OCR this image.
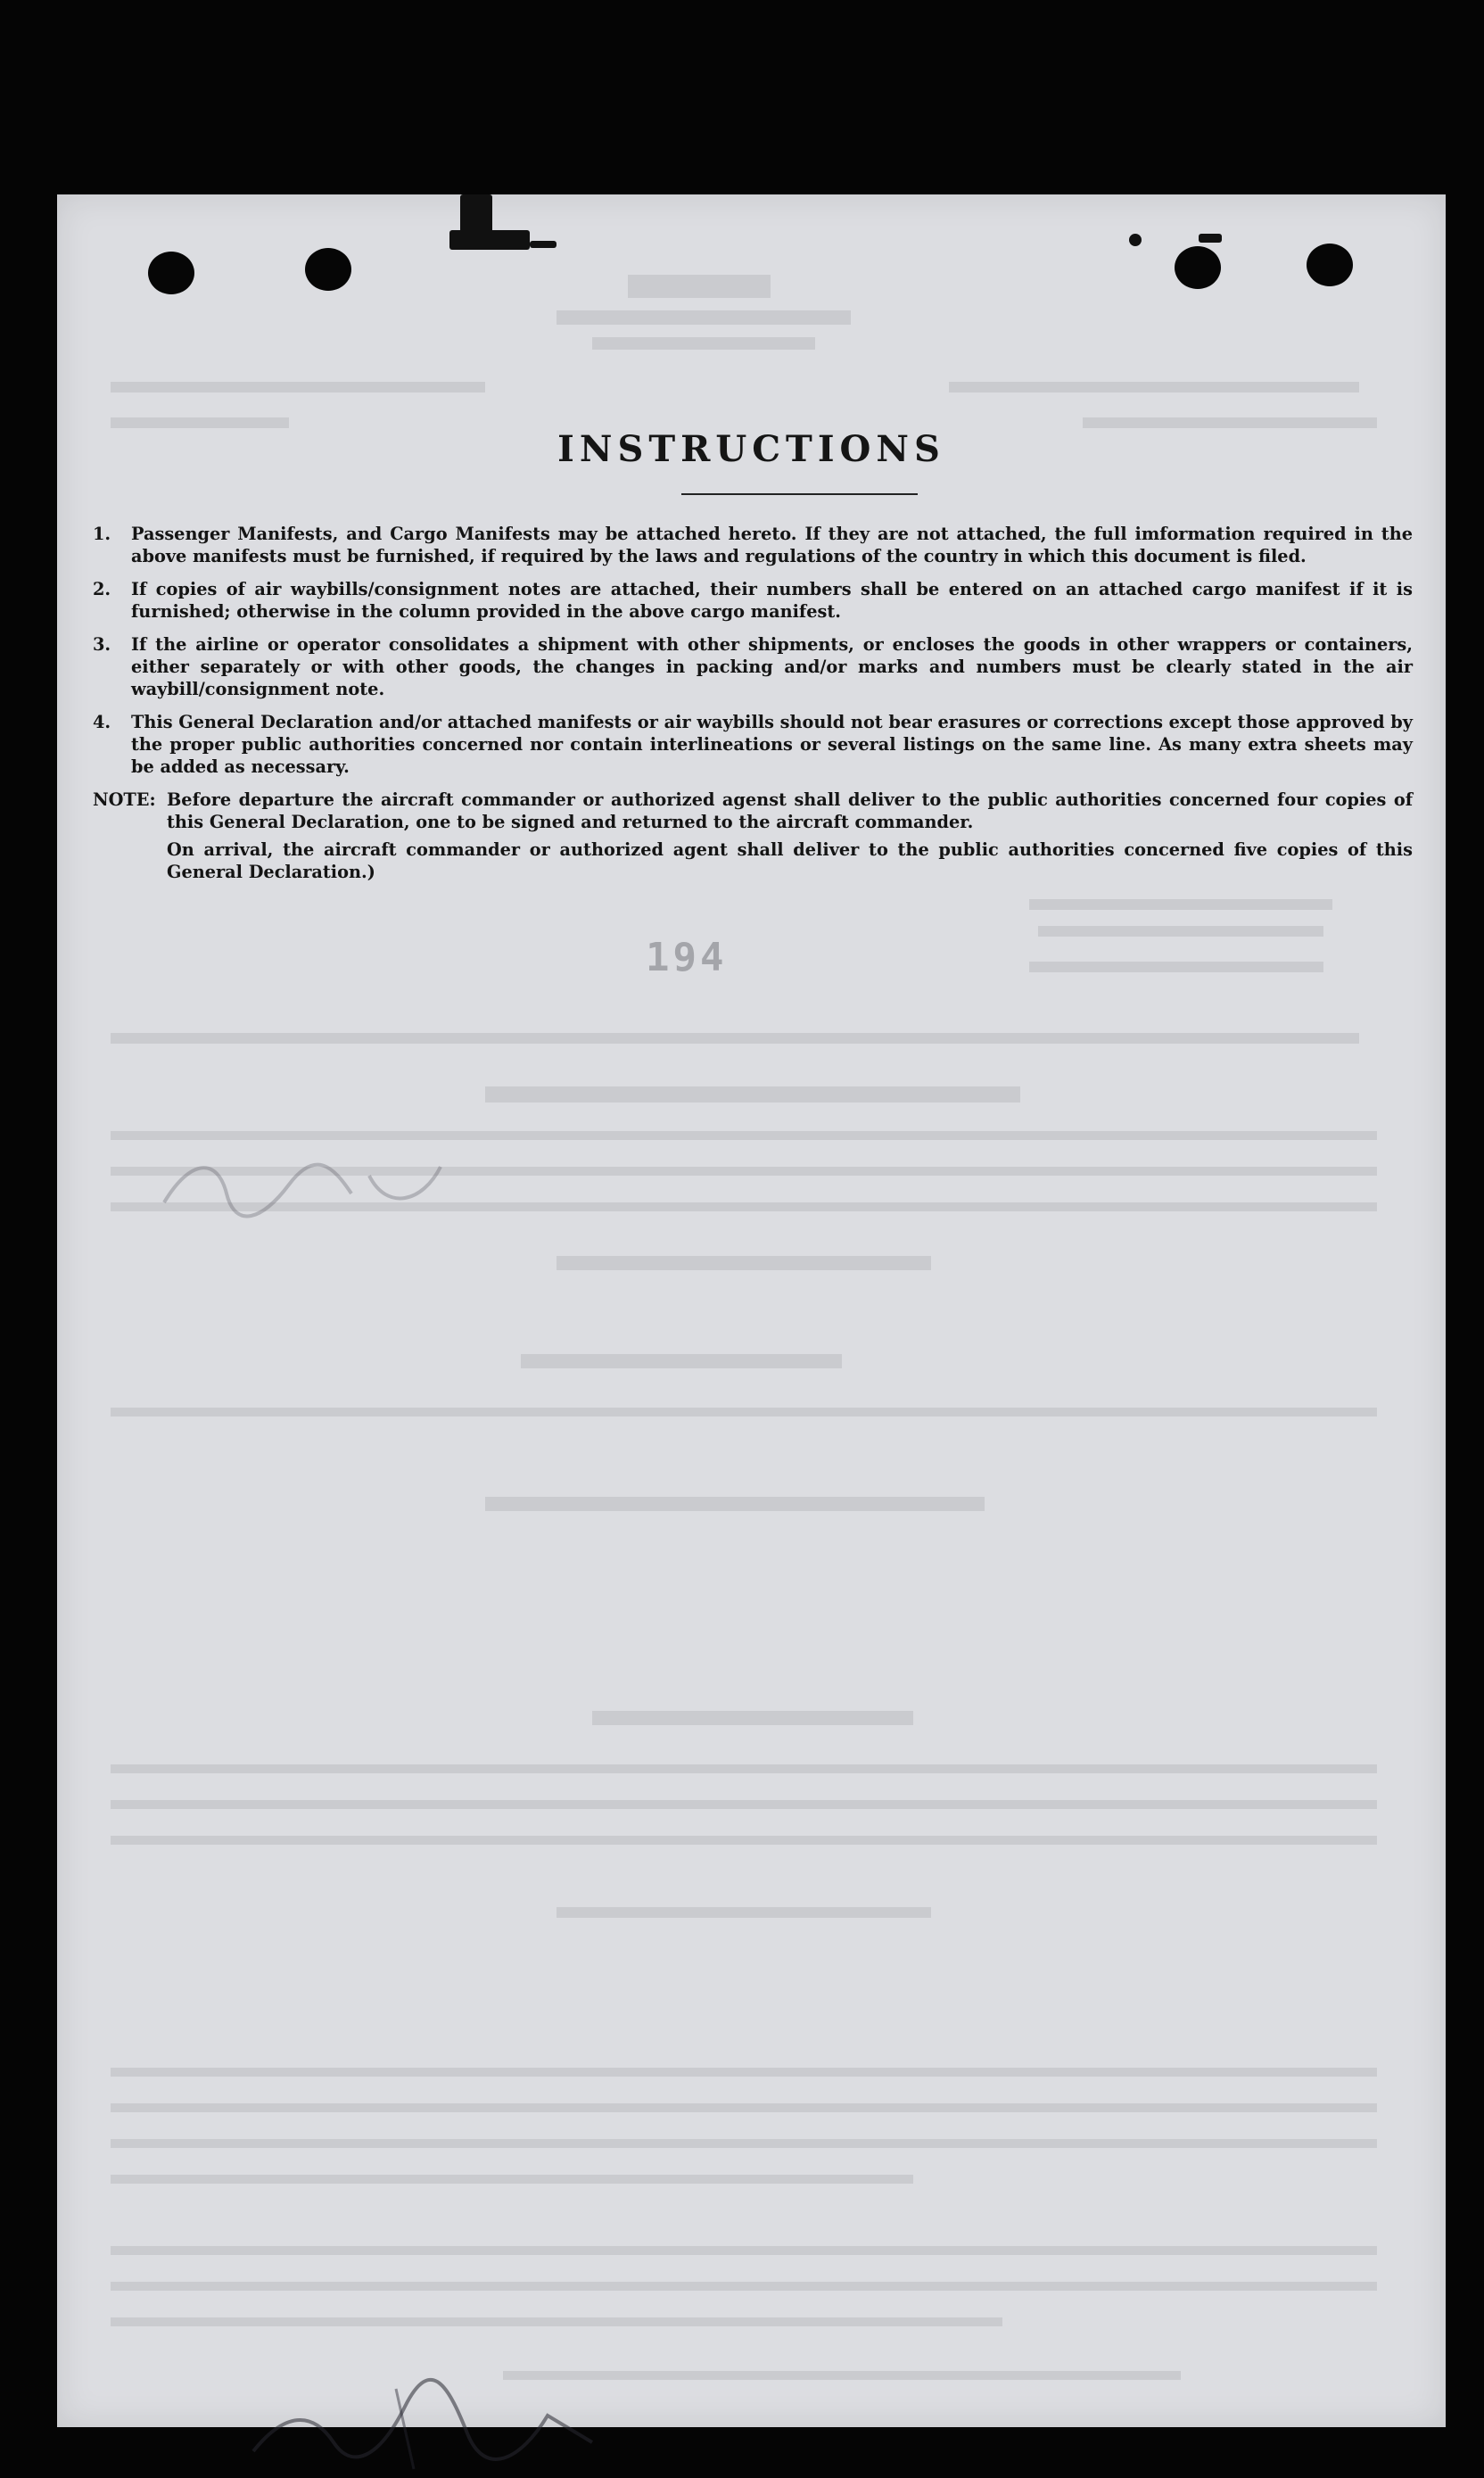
INSTRUCTIONS
1.	Passenger Manifests, and Cargo Manifests may be attached hereto. If they are not attached, the full imformation required in the above manifests must be furnished, if required by the laws and regulations of the country in which this document is filed.
2.	If copies of air waybills/consignment notes are attached, their numbers shall be entered on an attached cargo manifest if it is furnished; otherwise in the column provided in the above cargo manifest.
3.	If the airline or operator consolidates a shipment with other shipments, or encloses the goods in other wrappers or containers, either separately or with other goods, the changes in packing and/or marks and numbers must be clearly stated in the air waybill/consignment note.
4.	This General Declaration and/or attached manifests or air waybills should not bear erasures or corrections except those approved by the proper public authorities concerned nor contain interlineations or several listings on the same line. As many extra sheets may be added as necessary.
NOTE: Before departure the aircraft commander or authorized agenst shall deliver to the public authorities concerned four copies of this General Declaration, one to be signed and returned to the aircraft commander.
On arrival, the aircraft commander or authorized agent shall deliver to the public authorities concerned five copies of this General Declaration.)
194
